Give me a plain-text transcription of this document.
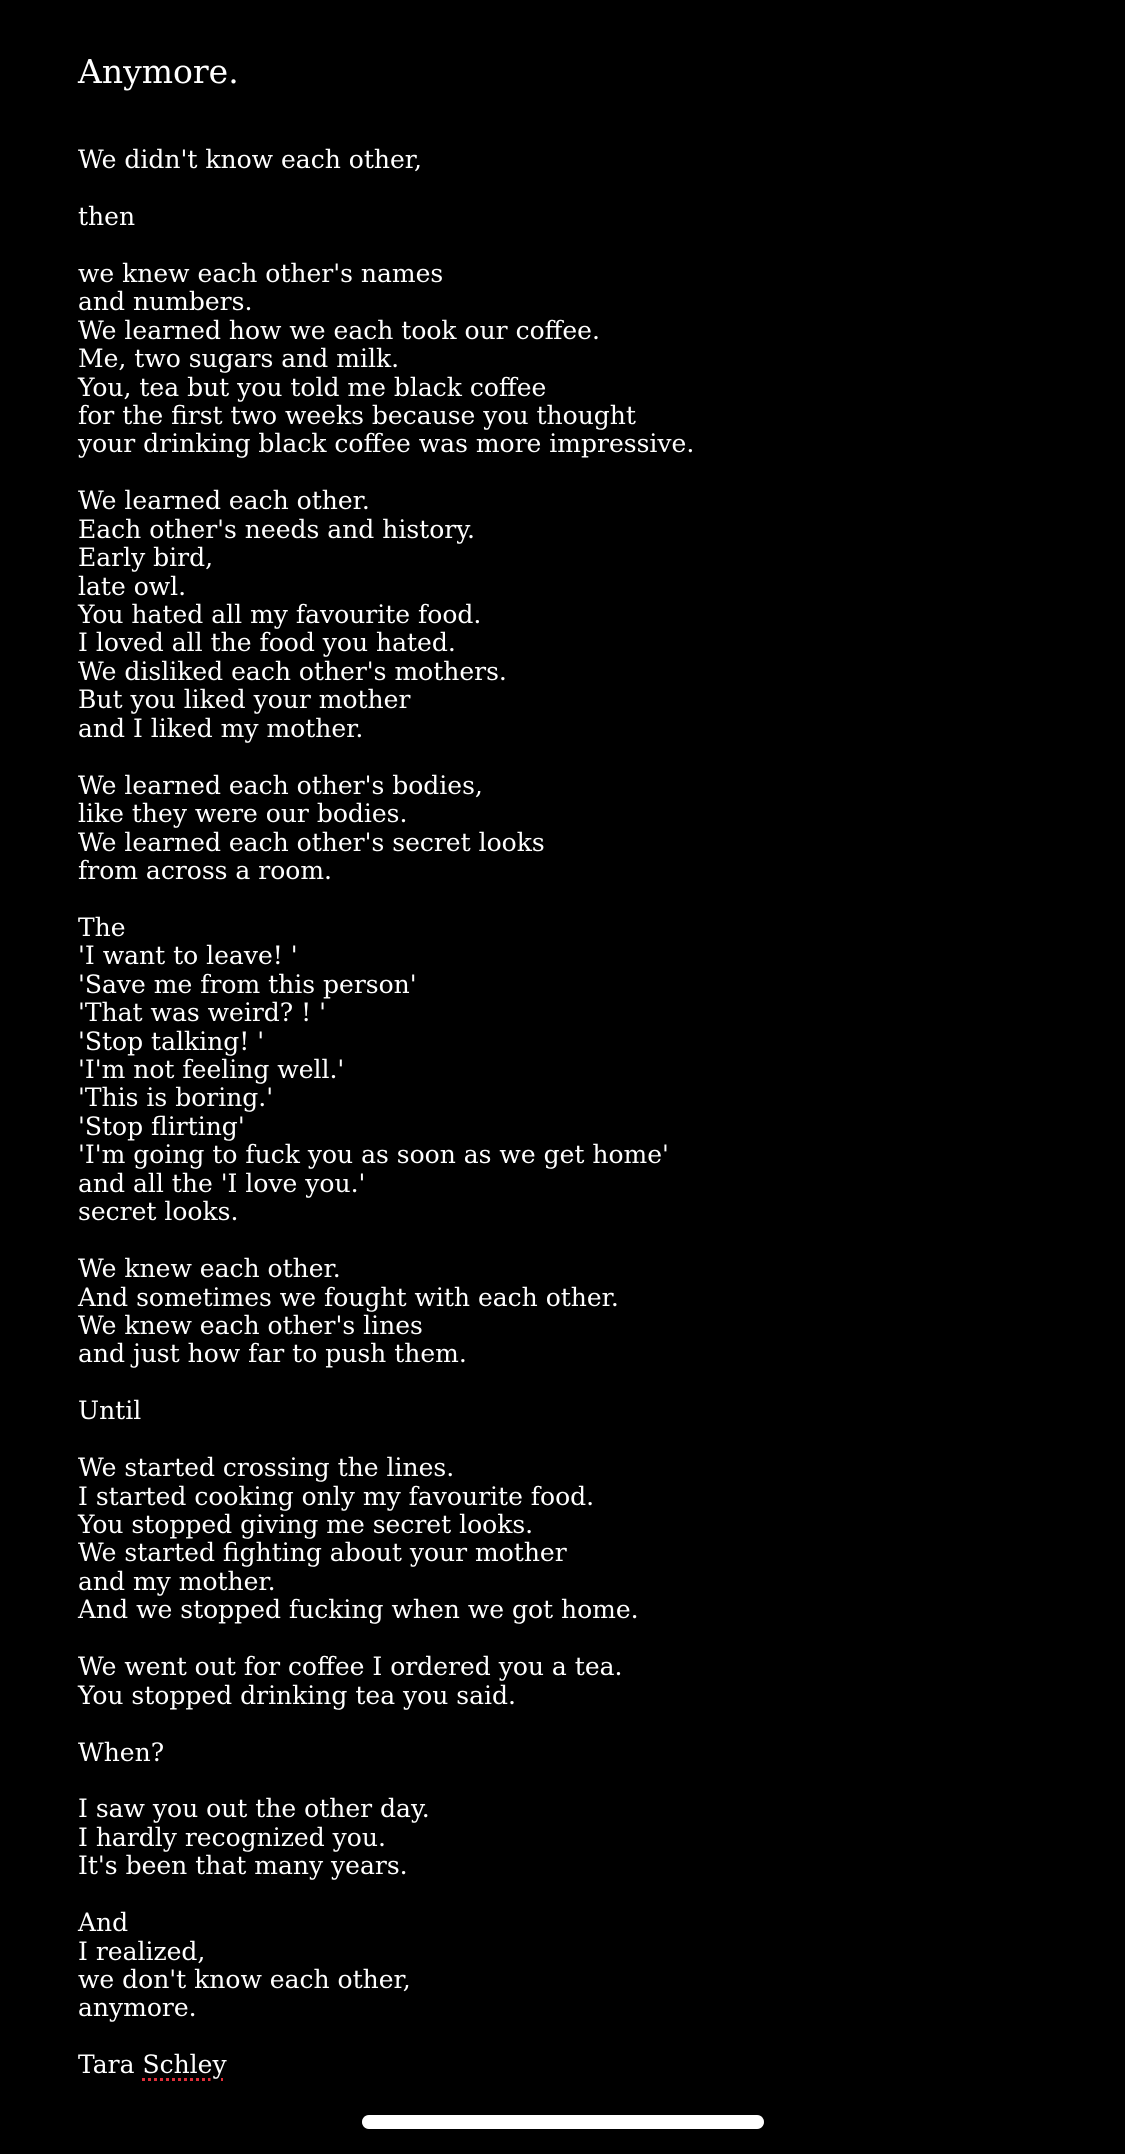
Anymore.
We didn't know each other,
then
we knew each other's names
and numbers.
We learned how we each took our coffee.
Me, two sugars and milk.
You, tea but you told me black coffee
for the first two weeks because you thought
your drinking black coffee was more impressive.
We learned each other.
Each other's needs and history.
Early bird,
late owl.
You hated all my favourite food.
I loved all the food you hated.
We disliked each other's mothers.
But you liked your mother
and I liked my mother.
We learned each other's bodies,
like they were our bodies.
We learned each other's secret looks
from across a room.
The
'I want to leave! '
'Save me from this person'
'That was weird? ! '
'Stop talking! '
'I'm not feeling well.'
'This is boring.'
'Stop flirting'
'I'm going to fuck you as soon as we get home'
and all the 'I love you.'
secret looks.
We knew each other.
And sometimes we fought with each other.
We knew each other's lines
and just how far to push them.
Until
We started crossing the lines.
I started cooking only my favourite food.
You stopped giving me secret looks.
We started fighting about your mother
and my mother.
And we stopped fucking when we got home.
We went out for coffee I ordered you a tea.
You stopped drinking tea you said.
When?
I saw you out the other day.
I hardly recognized you.
It's been that many years.
And
I realized,
we don't know each other,
anymore.
Tara Schley
